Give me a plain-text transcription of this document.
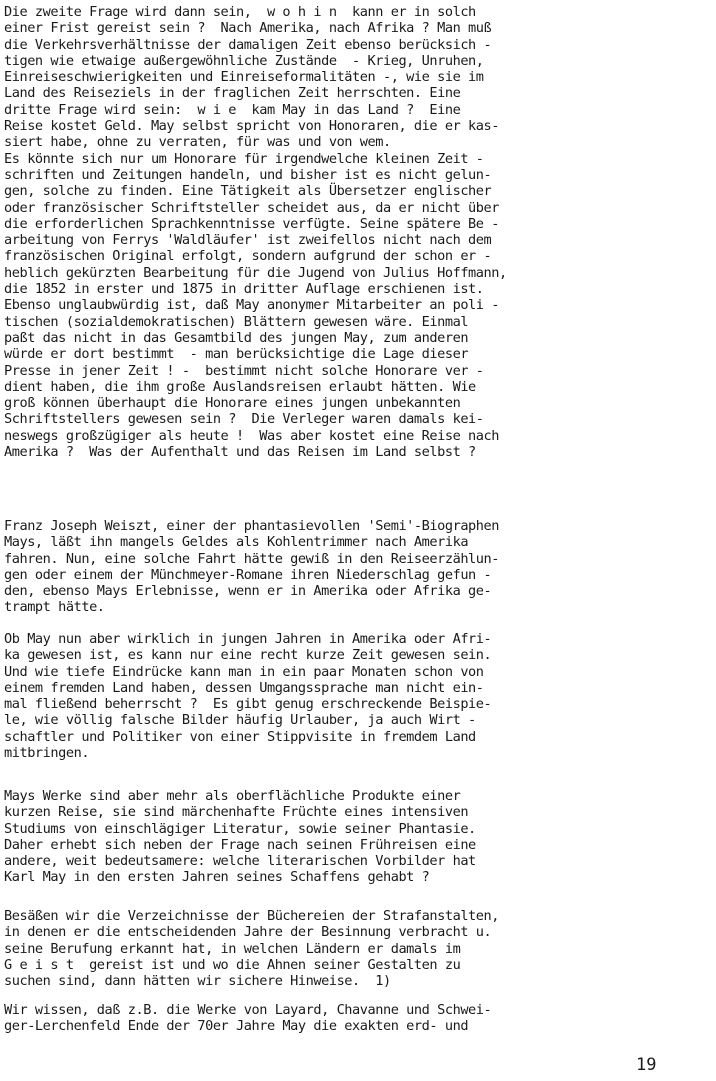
Die zweite Frage wird dann sein,  w o h i n  kann er in solch
einer Frist gereist sein ?  Nach Amerika, nach Afrika ? Man muß
die Verkehrsverhältnisse der damaligen Zeit ebenso berücksich -
tigen wie etwaige außergewöhnliche Zustände  - Krieg, Unruhen,
Einreiseschwierigkeiten und Einreiseformalitäten -, wie sie im
Land des Reiseziels in der fraglichen Zeit herrschten. Eine
dritte Frage wird sein:  w i e  kam May in das Land ?  Eine
Reise kostet Geld. May selbst spricht von Honoraren, die er kas-
siert habe, ohne zu verraten, für was und von wem.
Es könnte sich nur um Honorare für irgendwelche kleinen Zeit -
schriften und Zeitungen handeln, und bisher ist es nicht gelun-
gen, solche zu finden. Eine Tätigkeit als Übersetzer englischer
oder französischer Schriftsteller scheidet aus, da er nicht über
die erforderlichen Sprachkenntnisse verfügte. Seine spätere Be -
arbeitung von Ferrys 'Waldläufer' ist zweifellos nicht nach dem
französischen Original erfolgt, sondern aufgrund der schon er -
heblich gekürzten Bearbeitung für die Jugend von Julius Hoffmann,
die 1852 in erster und 1875 in dritter Auflage erschienen ist.
Ebenso unglaubwürdig ist, daß May anonymer Mitarbeiter an poli -
tischen (sozialdemokratischen) Blättern gewesen wäre. Einmal
paßt das nicht in das Gesamtbild des jungen May, zum anderen
würde er dort bestimmt  - man berücksichtige die Lage dieser
Presse in jener Zeit ! -  bestimmt nicht solche Honorare ver -
dient haben, die ihm große Auslandsreisen erlaubt hätten. Wie
groß können überhaupt die Honorare eines jungen unbekannten
Schriftstellers gewesen sein ?  Die Verleger waren damals kei-
neswegs großzügiger als heute !  Was aber kostet eine Reise nach
Amerika ?  Was der Aufenthalt und das Reisen im Land selbst ?
Franz Joseph Weiszt, einer der phantasievollen 'Semi'-Biographen
Mays, läßt ihn mangels Geldes als Kohlentrimmer nach Amerika
fahren. Nun, eine solche Fahrt hätte gewiß in den Reiseerzählun-
gen oder einem der Münchmeyer-Romane ihren Niederschlag gefun -
den, ebenso Mays Erlebnisse, wenn er in Amerika oder Afrika ge-
trampt hätte.
Ob May nun aber wirklich in jungen Jahren in Amerika oder Afri-
ka gewesen ist, es kann nur eine recht kurze Zeit gewesen sein.
Und wie tiefe Eindrücke kann man in ein paar Monaten schon von
einem fremden Land haben, dessen Umgangssprache man nicht ein-
mal fließend beherrscht ?  Es gibt genug erschreckende Beispie-
le, wie völlig falsche Bilder häufig Urlauber, ja auch Wirt -
schaftler und Politiker von einer Stippvisite in fremdem Land
mitbringen.
Mays Werke sind aber mehr als oberflächliche Produkte einer
kurzen Reise, sie sind märchenhafte Früchte eines intensiven
Studiums von einschlägiger Literatur, sowie seiner Phantasie.
Daher erhebt sich neben der Frage nach seinen Frühreisen eine
andere, weit bedeutsamere: welche literarischen Vorbilder hat
Karl May in den ersten Jahren seines Schaffens gehabt ?
Besäßen wir die Verzeichnisse der Büchereien der Strafanstalten,
in denen er die entscheidenden Jahre der Besinnung verbracht u.
seine Berufung erkannt hat, in welchen Ländern er damals im
G e i s t  gereist ist und wo die Ahnen seiner Gestalten zu
suchen sind, dann hätten wir sichere Hinweise.  1)
Wir wissen, daß z.B. die Werke von Layard, Chavanne und Schwei-
ger-Lerchenfeld Ende der 70er Jahre May die exakten erd- und
19
